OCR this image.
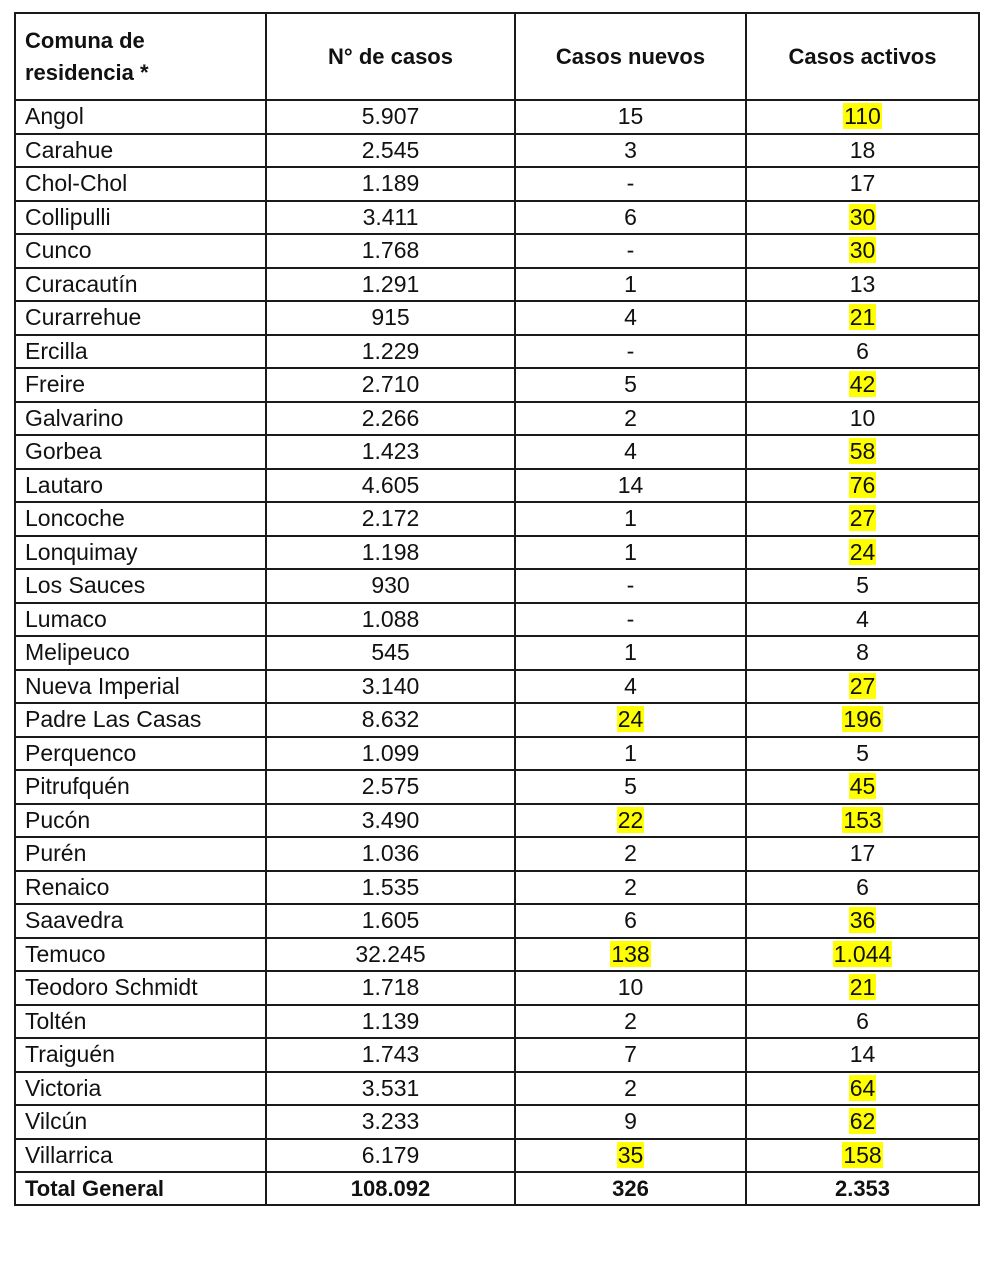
Comuna de
residencia *	N° de casos	Casos nuevos	Casos activos
Angol	5.907	15	110
Carahue	2.545	3	18
Chol-Chol	1.189	-	17
Collipulli	3.411	6	30
Cunco	1.768	-	30
Curacautín	1.291	1	13
Curarrehue	915	4	21
Ercilla	1.229	-	6
Freire	2.710	5	42
Galvarino	2.266	2	10
Gorbea	1.423	4	58
Lautaro	4.605	14	76
Loncoche	2.172	1	27
Lonquimay	1.198	1	24
Los Sauces	930	-	5
Lumaco	1.088	-	4
Melipeuco	545	1	8
Nueva Imperial	3.140	4	27
Padre Las Casas	8.632	24	196
Perquenco	1.099	1	5
Pitrufquén	2.575	5	45
Pucón	3.490	22	153
Purén	1.036	2	17
Renaico	1.535	2	6
Saavedra	1.605	6	36
Temuco	32.245	138	1.044
Teodoro Schmidt	1.718	10	21
Toltén	1.139	2	6
Traiguén	1.743	7	14
Victoria	3.531	2	64
Vilcún	3.233	9	62
Villarrica	6.179	35	158
Total General	108.092	326	2.353
